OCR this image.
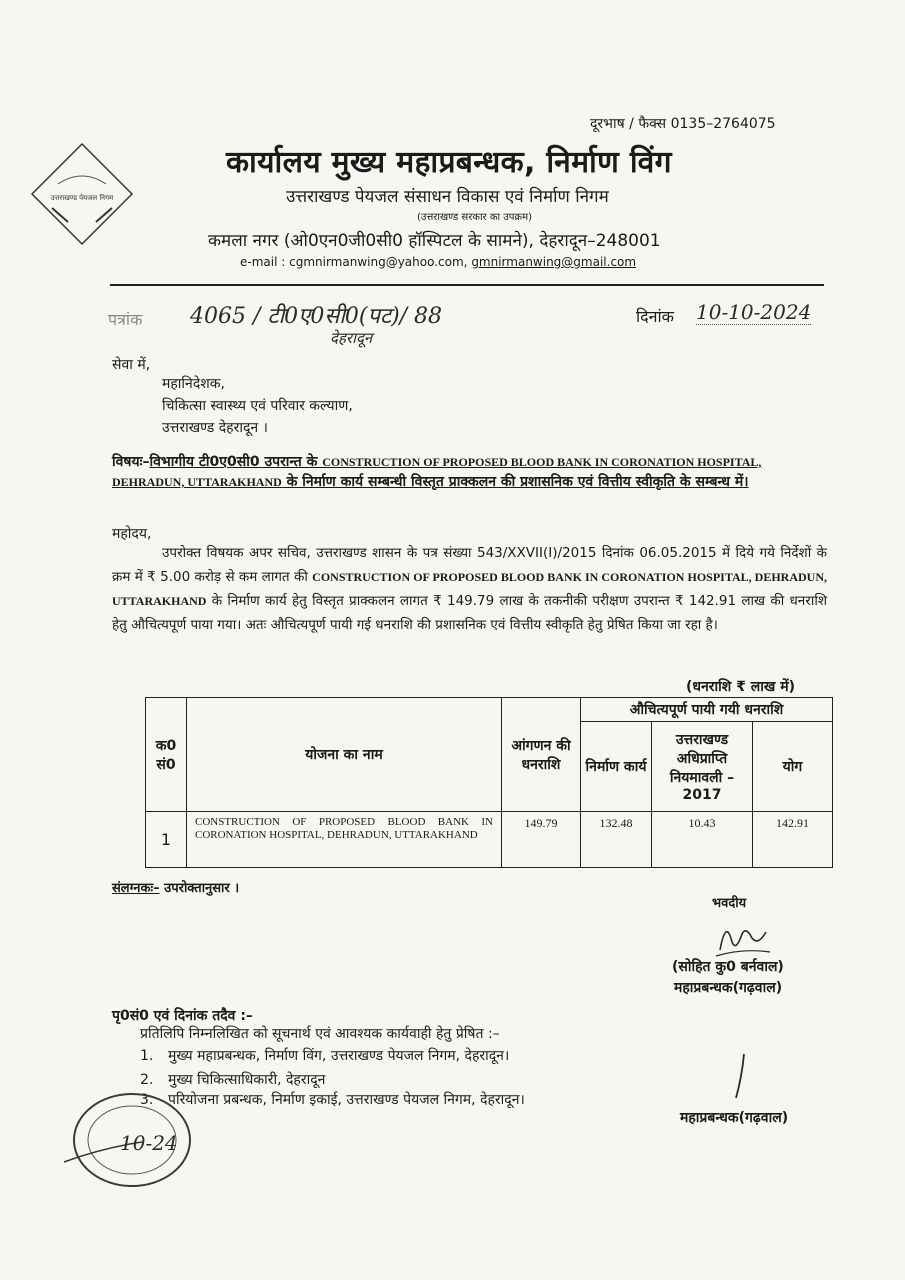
उत्तराखण्ड पेयजल निगम
दूरभाष / फैक्स 0135–2764075
कार्यालय मुख्य महाप्रबन्धक, निर्माण विंग
उत्तराखण्ड पेयजल संसाधन विकास एवं निर्माण निगम
(उत्तराखण्ड सरकार का उपक्रम)
कमला नगर (ओ0एन0जी0सी0 हॉस्पिटल के सामने), देहरादून–248001
e-mail : cgmnirmanwing@yahoo.com, gmnirmanwing@gmail.com
पत्रांक 4065 / टी0ए0सी0(पट)/ 88
देहरादून
दिनांक 10-10-2024
सेवा में,
महानिदेशक,
चिकित्सा स्वास्थ्य एवं परिवार कल्याण,
उत्तराखण्ड देहरादून ।
विषयः–विभागीय टी0ए0सी0 उपरान्त के CONSTRUCTION OF PROPOSED BLOOD BANK IN CORONATION HOSPITAL, DEHRADUN, UTTARAKHAND के निर्माण कार्य सम्बन्धी विस्तृत प्राक्कलन की प्रशासनिक एवं वित्तीय स्वीकृति के सम्बन्ध में।
महोदय,
उपरोक्त विषयक अपर सचिव, उत्तराखण्ड शासन के पत्र संख्या 543/XXVII(I)/2015 दिनांक 06.05.2015 में दिये गये निर्देशों के क्रम में ₹ 5.00 करोड़ से कम लागत की CONSTRUCTION OF PROPOSED BLOOD BANK IN CORONATION HOSPITAL, DEHRADUN, UTTARAKHAND के निर्माण कार्य हेतु विस्तृत प्राक्कलन लागत ₹ 149.79 लाख के तकनीकी परीक्षण उपरान्त ₹ 142.91 लाख की धनराशि हेतु औचित्यपूर्ण पाया गया। अतः औचित्यपूर्ण पायी गई धनराशि की प्रशासनिक एवं वित्तीय स्वीकृति हेतु प्रेषित किया जा रहा है।
(धनराशि ₹ लाख में)
क0 सं0	योजना का नाम	आंगणन की धनराशि	औचित्यपूर्ण पायी गयी धनराशि		
			निर्माण कार्य	उत्तराखण्ड अधिप्राप्ति नियमावली –2017	योग
1	CONSTRUCTION OF PROPOSED BLOOD BANK IN CORONATION HOSPITAL, DEHRADUN, UTTARAKHAND	149.79	132.48	10.43	142.91
संलग्नकः– उपरोक्तानुसार ।
भवदीय
(सोहित कु0 बर्नवाल)
महाप्रबन्धक(गढ़वाल)
पृ0सं0 एवं दिनांक तदैव :–
प्रतिलिपि निम्नलिखित को सूचनार्थ एवं आवश्यक कार्यवाही हेतु प्रेषित :–
1. मुख्य महाप्रबन्धक, निर्माण विंग, उत्तराखण्ड पेयजल निगम, देहरादून।
2. मुख्य चिकित्साधिकारी, देहरादून
3. परियोजना प्रबन्धक, निर्माण इकाई, उत्तराखण्ड पेयजल निगम, देहरादून।
महाप्रबन्धक(गढ़वाल)
10-24
